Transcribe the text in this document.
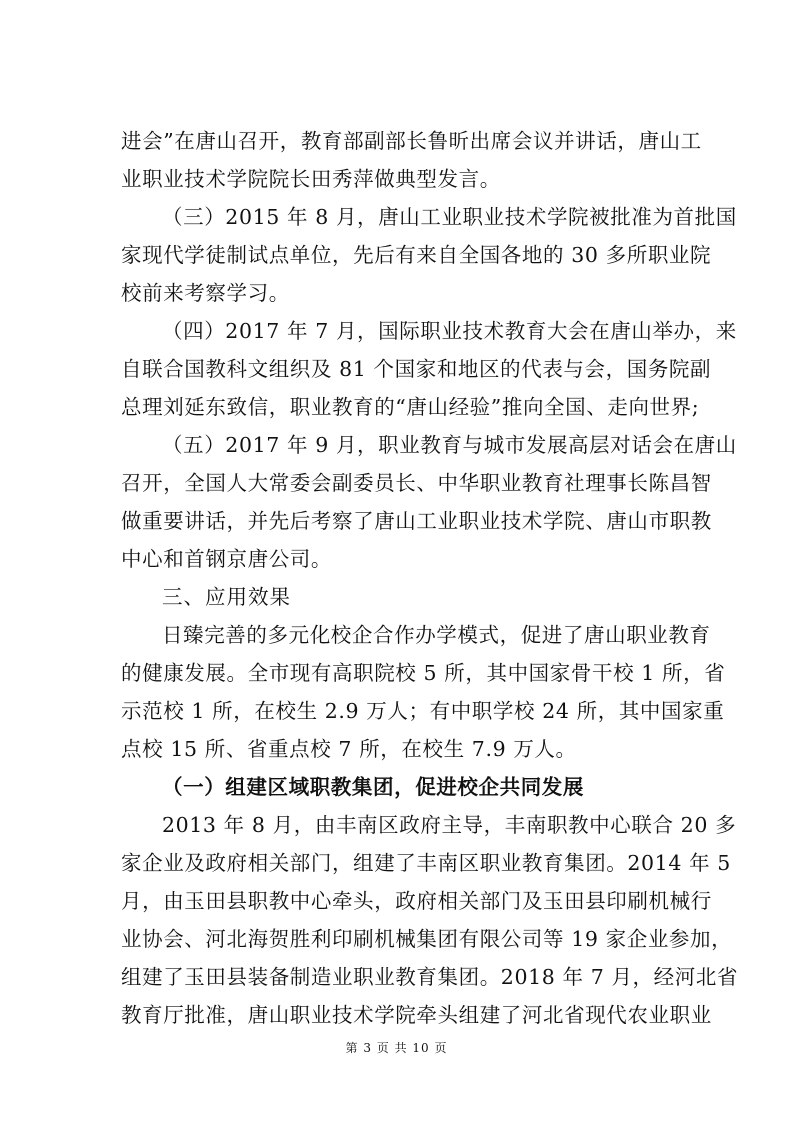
进会”在唐山召开，教育部副部长鲁昕出席会议并讲话，唐山工
业职业技术学院院长田秀萍做典型发言。
（三）2015 年 8 月，唐山工业职业技术学院被批准为首批国
家现代学徒制试点单位，先后有来自全国各地的 30 多所职业院
校前来考察学习。
（四）2017 年 7 月，国际职业技术教育大会在唐山举办，来
自联合国教科文组织及 81 个国家和地区的代表与会，国务院副
总理刘延东致信，职业教育的“唐山经验”推向全国、走向世界;
（五）2017 年 9 月，职业教育与城市发展高层对话会在唐山
召开，全国人大常委会副委员长、中华职业教育社理事长陈昌智
做重要讲话，并先后考察了唐山工业职业技术学院、唐山市职教
中心和首钢京唐公司。
三、应用效果
日臻完善的多元化校企合作办学模式，促进了唐山职业教育
的健康发展。全市现有高职院校 5 所，其中国家骨干校 1 所，省
示范校 1 所，在校生 2.9 万人；有中职学校 24 所，其中国家重
点校 15 所、省重点校 7 所，在校生 7.9 万人。
（一）组建区域职教集团，促进校企共同发展
2013 年 8 月，由丰南区政府主导，丰南职教中心联合 20 多
家企业及政府相关部门，组建了丰南区职业教育集团。2014 年 5
月，由玉田县职教中心牵头，政府相关部门及玉田县印刷机械行
业协会、河北海贺胜利印刷机械集团有限公司等 19 家企业参加，
组建了玉田县装备制造业职业教育集团。2018 年 7 月，经河北省
教育厅批准，唐山职业技术学院牵头组建了河北省现代农业职业
第 3 页 共 10 页
